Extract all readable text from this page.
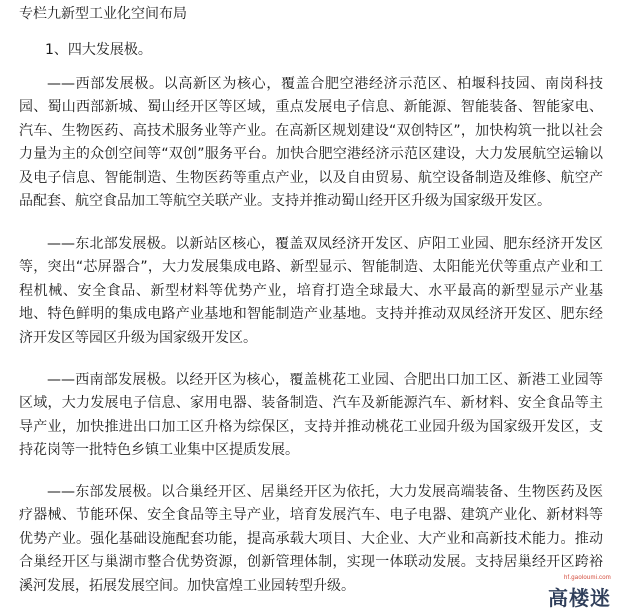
专栏九新型工业化空间布局
1、四大发展极。

——西部发展极。以高新区为核心，覆盖合肥空港经济示范区、柏堰科技园、南岗科技园、蜀山西部新城、蜀山经开区等区域，重点发展电子信息、新能源、智能装备、智能家电、汽车、生物医药、高技术服务业等产业。在高新区规划建设“双创特区”，加快构筑一批以社会力量为主的众创空间等“双创”服务平台。加快合肥空港经济示范区建设，大力发展航空运输以及电子信息、智能制造、生物医药等重点产业，以及自由贸易、航空设备制造及维修、航空产品配套、航空食品加工等航空关联产业。支持并推动蜀山经开区升级为国家级开发区。

——东北部发展极。以新站区核心，覆盖双凤经济开发区、庐阳工业园、肥东经济开发区等，突出“芯屏器合”，大力发展集成电路、新型显示、智能制造、太阳能光伏等重点产业和工程机械、安全食品、新型材料等优势产业，培育打造全球最大、水平最高的新型显示产业基地、特色鲜明的集成电路产业基地和智能制造产业基地。支持并推动双凤经济开发区、肥东经济开发区等园区升级为国家级开发区。

——西南部发展极。以经开区为核心，覆盖桃花工业园、合肥出口加工区、新港工业园等区域，大力发展电子信息、家用电器、装备制造、汽车及新能源汽车、新材料、安全食品等主导产业，加快推进出口加工区升格为综保区，支持并推动桃花工业园升级为国家级开发区，支持花岗等一批特色乡镇工业集中区提质发展。

——东部发展极。以合巢经开区、居巢经开区为依托，大力发展高端装备、生物医药及医疗器械、节能环保、安全食品等主导产业，培育发展汽车、电子电器、建筑产业化、新材料等优势产业。强化基础设施配套功能，提高承载大项目、大企业、大产业和高新技术能力。推动合巢经开区与巢湖市整合优势资源，创新管理体制，实现一体联动发展。支持居巢经开区跨裕溪河发展，拓展发展空间。加快富煌工业园转型升级。	hf.gaoloumi.com
高楼迷
